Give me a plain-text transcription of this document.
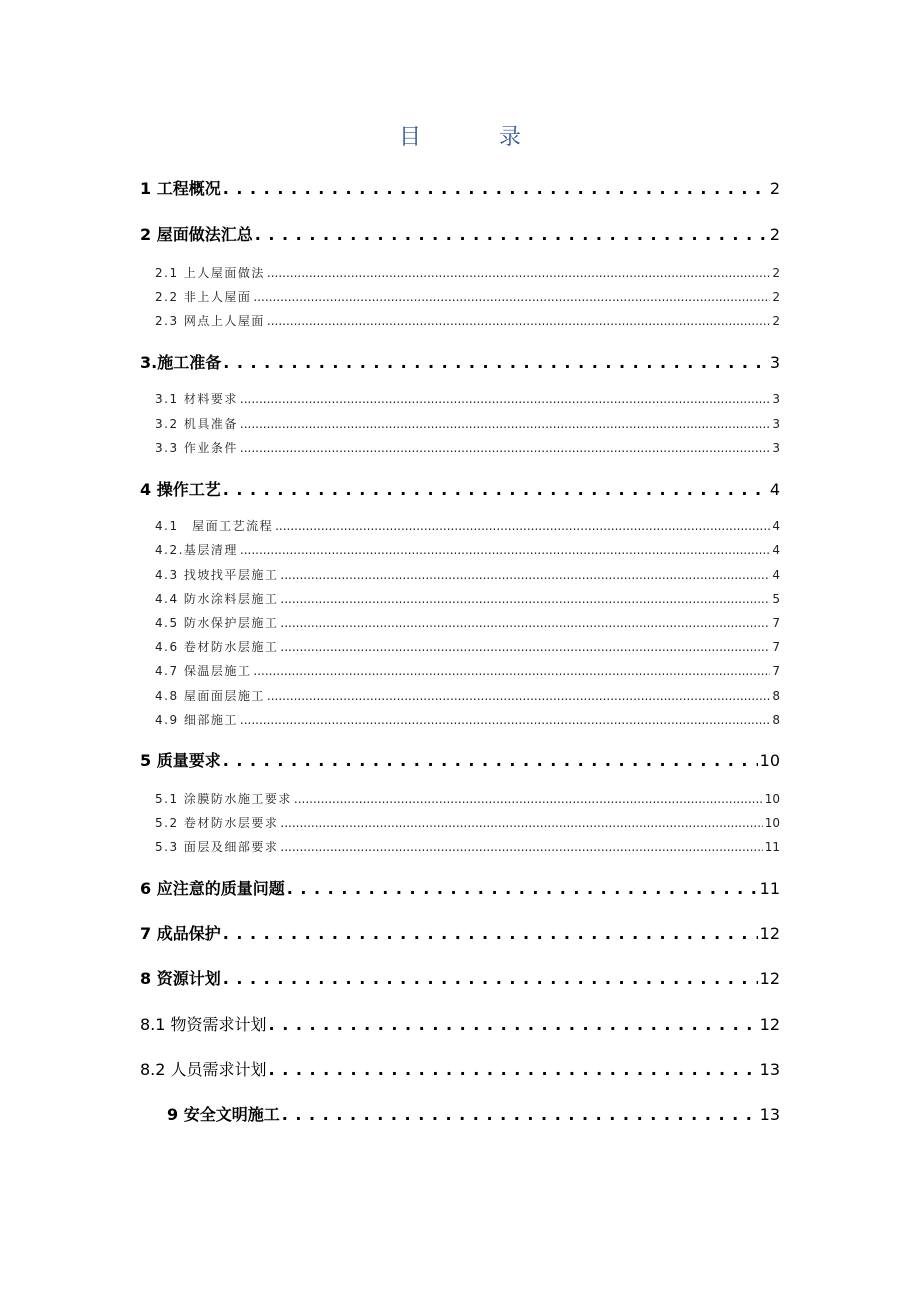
目　录
1 工程概况 . . .	2
2 屋面做法汇总 . . .	2
2.1 上人屋面做法 .....	2
2.2 非上人屋面 .....	2
2.3 网点上人屋面 .....	2
3.施工准备 . . .	3
3.1 材料要求 .....	3
3.2 机具准备 .....	3
3.3 作业条件 .....	3
4 操作工艺 . . .	4
4.1　屋面工艺流程 .....	4
4.2.基层清理 .....	4
4.3 找坡找平层施工 .....	4
4.4 防水涂料层施工 .....	5
4.5 防水保护层施工 .....	7
4.6 卷材防水层施工 .....	7
4.7 保温层施工 .....	7
4.8 屋面面层施工 .....	8
4.9 细部施工 .....	8
5 质量要求 . . .	10
5.1 涂膜防水施工要求 .....	10
5.2 卷材防水层要求 .....	10
5.3 面层及细部要求 .....	11
6 应注意的质量问题 . . .	11
7 成品保护 . . .	12
8 资源计划 . . .	12
8.1 物资需求计划 . . .	12
8.2 人员需求计划 . . .	13
9 安全文明施工 . . .	13
